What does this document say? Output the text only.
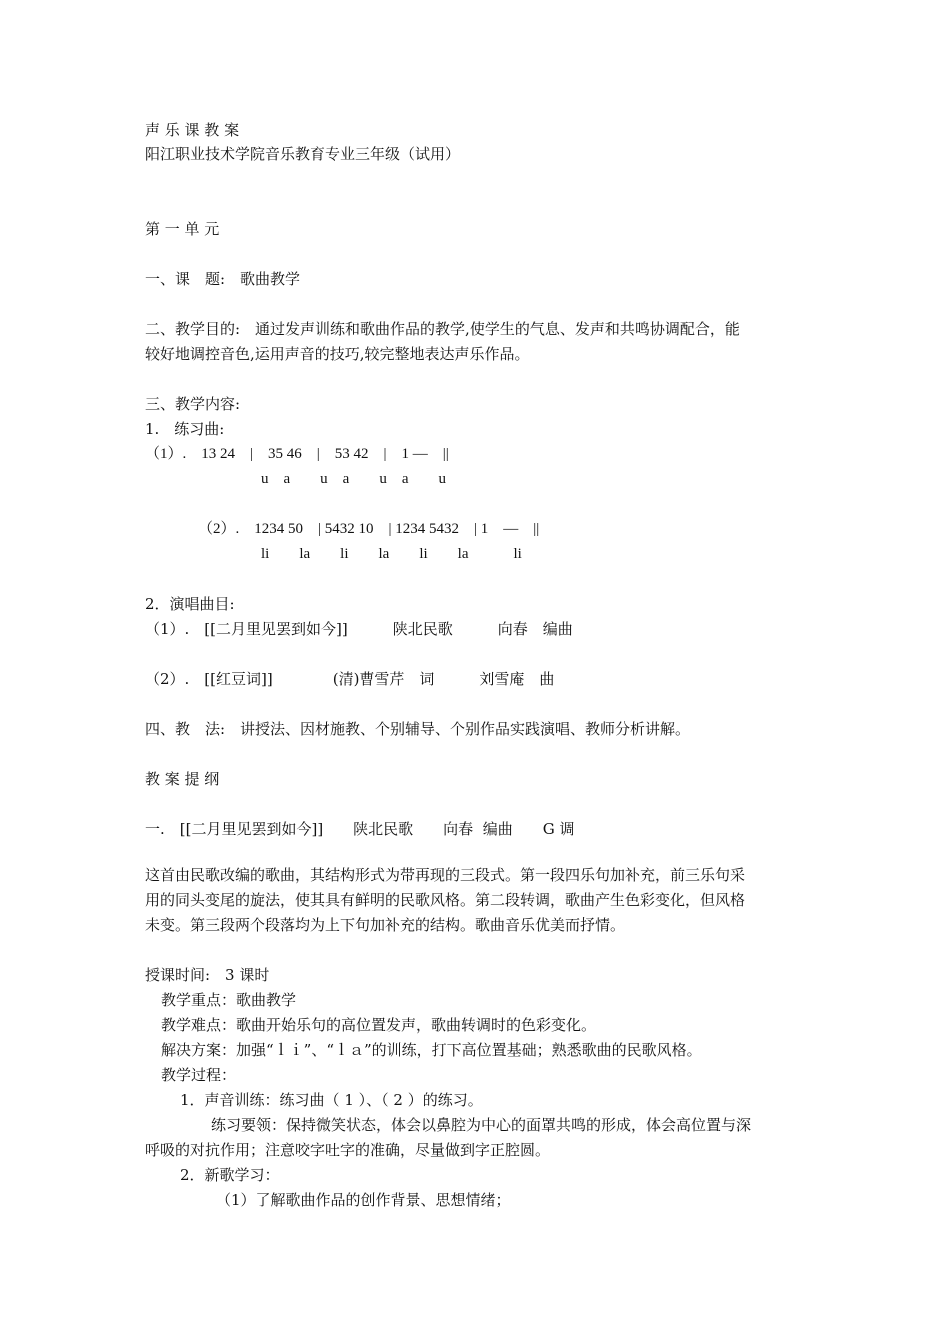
声 乐 课 教 案
阳江职业技术学院音乐教育专业三年级（试用）
第 一 单 元
一、课　题:　歌曲教学
二、教学目的:　通过发声训练和歌曲作品的教学,使学生的气息、发声和共鸣协调配合，能
较好地调控音色,运用声音的技巧,较完整地表达声乐作品。
三、教学内容:
1.　练习曲:
（1）.　13 24　|　35 46　|　53 42　|　1 —　||
u　a　　u　a　　u　a　　u
（2）.　1234 50　| 5432 10　| 1234 5432　| 1　—　||
li　　la　　li　　la　　li　　la　　　li
2．演唱曲目:
（1）.　[[二月里见罢到如今]]　　　陕北民歌　　　向春　编曲
（2）.　[[红豆词]]　　　　(清)曹雪芹　词　　　刘雪庵　曲
四、教　法:　讲授法、因材施教、个别辅导、个别作品实践演唱、教师分析讲解。
教 案 提 纲
一.　[[二月里见罢到如今]]　　陕北民歌　　向春  编曲　　G 调
这首由民歌改编的歌曲，其结构形式为带再现的三段式。第一段四乐句加补充，前三乐句采
用的同头变尾的旋法，使其具有鲜明的民歌风格。第二段转调，歌曲产生色彩变化，但风格
未变。第三段两个段落均为上下句加补充的结构。歌曲音乐优美而抒情。
授课时间:　3 课时
教学重点：歌曲教学
教学难点：歌曲开始乐句的高位置发声，歌曲转调时的色彩变化。
解决方案：加强“ｌｉ”、“ｌａ”的训练，打下高位置基础；熟悉歌曲的民歌风格。
教学过程：
1．声音训练：练习曲（ 1 ）、（ 2 ）的练习。
练习要领：保持微笑状态，体会以鼻腔为中心的面罩共鸣的形成，体会高位置与深
呼吸的对抗作用；注意咬字吐字的准确，尽量做到字正腔圆。
2．新歌学习：
（1）了解歌曲作品的创作背景、思想情绪；
